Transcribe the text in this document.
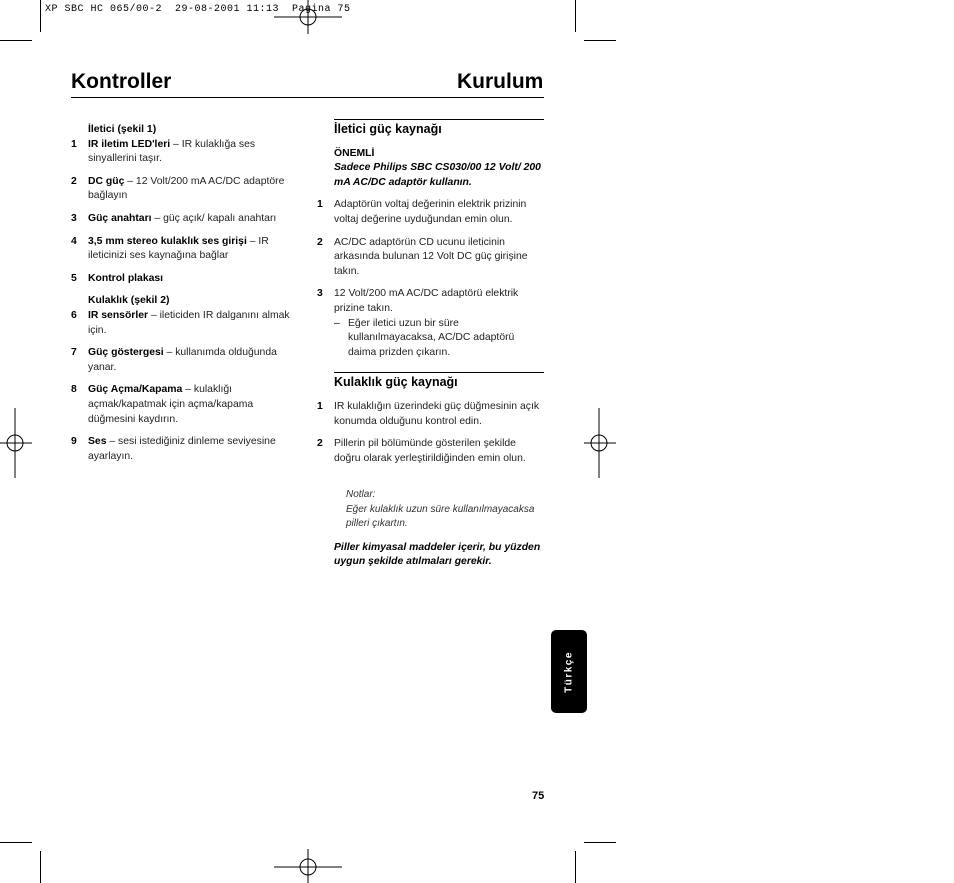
XP SBC HC 065/00-2  29-08-2001 11:13  Pagina 75
Kontroller	Kurulum
İletici (şekil 1)
1 IR iletim LED'leri – IR kulaklığa ses sinyallerini taşır.
2 DC güç – 12 Volt/200 mA AC/DC adaptöre bağlayın
3 Güç anahtarı – güç açık/ kapalı anahtarı
4 3,5 mm stereo kulaklık ses girişi – IR ileticinizi ses kaynağına bağlar
5 Kontrol plakası
Kulaklık (şekil 2)
6 IR sensörler – ileticiden IR dalganını almak için.
7 Güç göstergesi – kullanımda olduğunda yanar.
8 Güç Açma/Kapama – kulaklığı açmak/kapatmak için açma/kapama düğmesini kaydırın.
9 Ses – sesi istediğiniz dinleme seviyesine ayarlayın.
İletici güç kaynağı
ÖNEMLİ
Sadece Philips SBC CS030/00 12 Volt/ 200 mA AC/DC adaptör kullanın.
1 Adaptörün voltaj değerinin elektrik prizinin voltaj değerine uyduğundan emin olun.
2 AC/DC adaptörün CD ucunu ileticinin arkasında bulunan 12 Volt DC güç girişine takın.
3 12 Volt/200 mA AC/DC adaptörü elektrik prizine takın.
– Eğer iletici uzun bir süre kullanılmayacaksa, AC/DC adaptörü daima prizden çıkarın.
Kulaklık güç kaynağı
1 IR kulaklığın üzerindeki güç düğmesinin açık konumda olduğunu kontrol edin.
2 Pillerin pil bölümünde gösterilen şekilde doğru olarak yerleştirildiğinden emin olun.
Notlar:
Eğer kulaklık uzun süre kullanılmayacaksa pilleri çıkartın.
Piller kimyasal maddeler içerir, bu yüzden uygun şekilde atılmaları gerekir.
Türkçe
75
